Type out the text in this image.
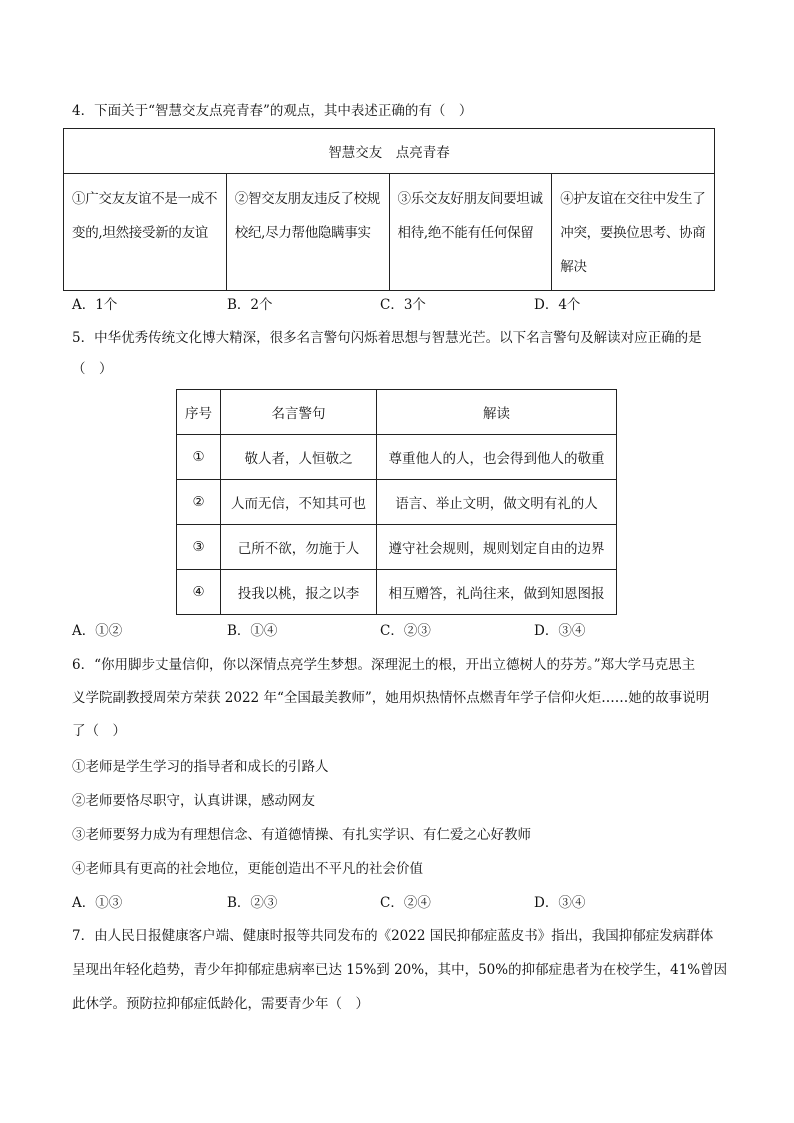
4．下面关于“智慧交友点亮青春”的观点，其中表述正确的有（　）
智慧交友　点亮青春
①广交友友谊不是一成不变的,坦然接受新的友谊	②智交友朋友违反了校规校纪,尽力帮他隐瞒事实	③乐交友好朋友间要坦诚相待,绝不能有任何保留	④护友谊在交往中发生了冲突，要换位思考、协商解决
A．1个	B．2个	C．3个	D．4个
5．中华优秀传统文化博大精深，很多名言警句闪烁着思想与智慧光芒。以下名言警句及解读对应正确的是
（　）
序号	名言警句	解读
①	敬人者，人恒敬之	尊重他人的人，也会得到他人的敬重
②	人而无信，不知其可也	语言、举止文明，做文明有礼的人
③	己所不欲，勿施于人	遵守社会规则，规则划定自由的边界
④	投我以桃，报之以李	相互赠答，礼尚往来，做到知恩图报
A．①②	B．①④	C．②③	D．③④
6．“你用脚步丈量信仰，你以深情点亮学生梦想。深理泥土的根，开出立德树人的芬芳。”郑大学马克思主
义学院副教授周荣方荣获 2022 年“全国最美教师”，她用炽热情怀点燃青年学子信仰火炬……她的故事说明
了（　）
①老师是学生学习的指导者和成长的引路人
②老师要恪尽职守，认真讲课，感动网友
③老师要努力成为有理想信念、有道德情操、有扎实学识、有仁爱之心好教师
④老师具有更高的社会地位，更能创造出不平凡的社会价值
A．①③	B．②③	C．②④	D．③④
7．由人民日报健康客户端、健康时报等共同发布的《2022 国民抑郁症蓝皮书》指出，我国抑郁症发病群体
呈现出年轻化趋势，青少年抑郁症患病率已达 15%到 20%，其中，50%的抑郁症患者为在校学生，41%曾因
此休学。预防拉抑郁症低龄化，需要青少年（　）
